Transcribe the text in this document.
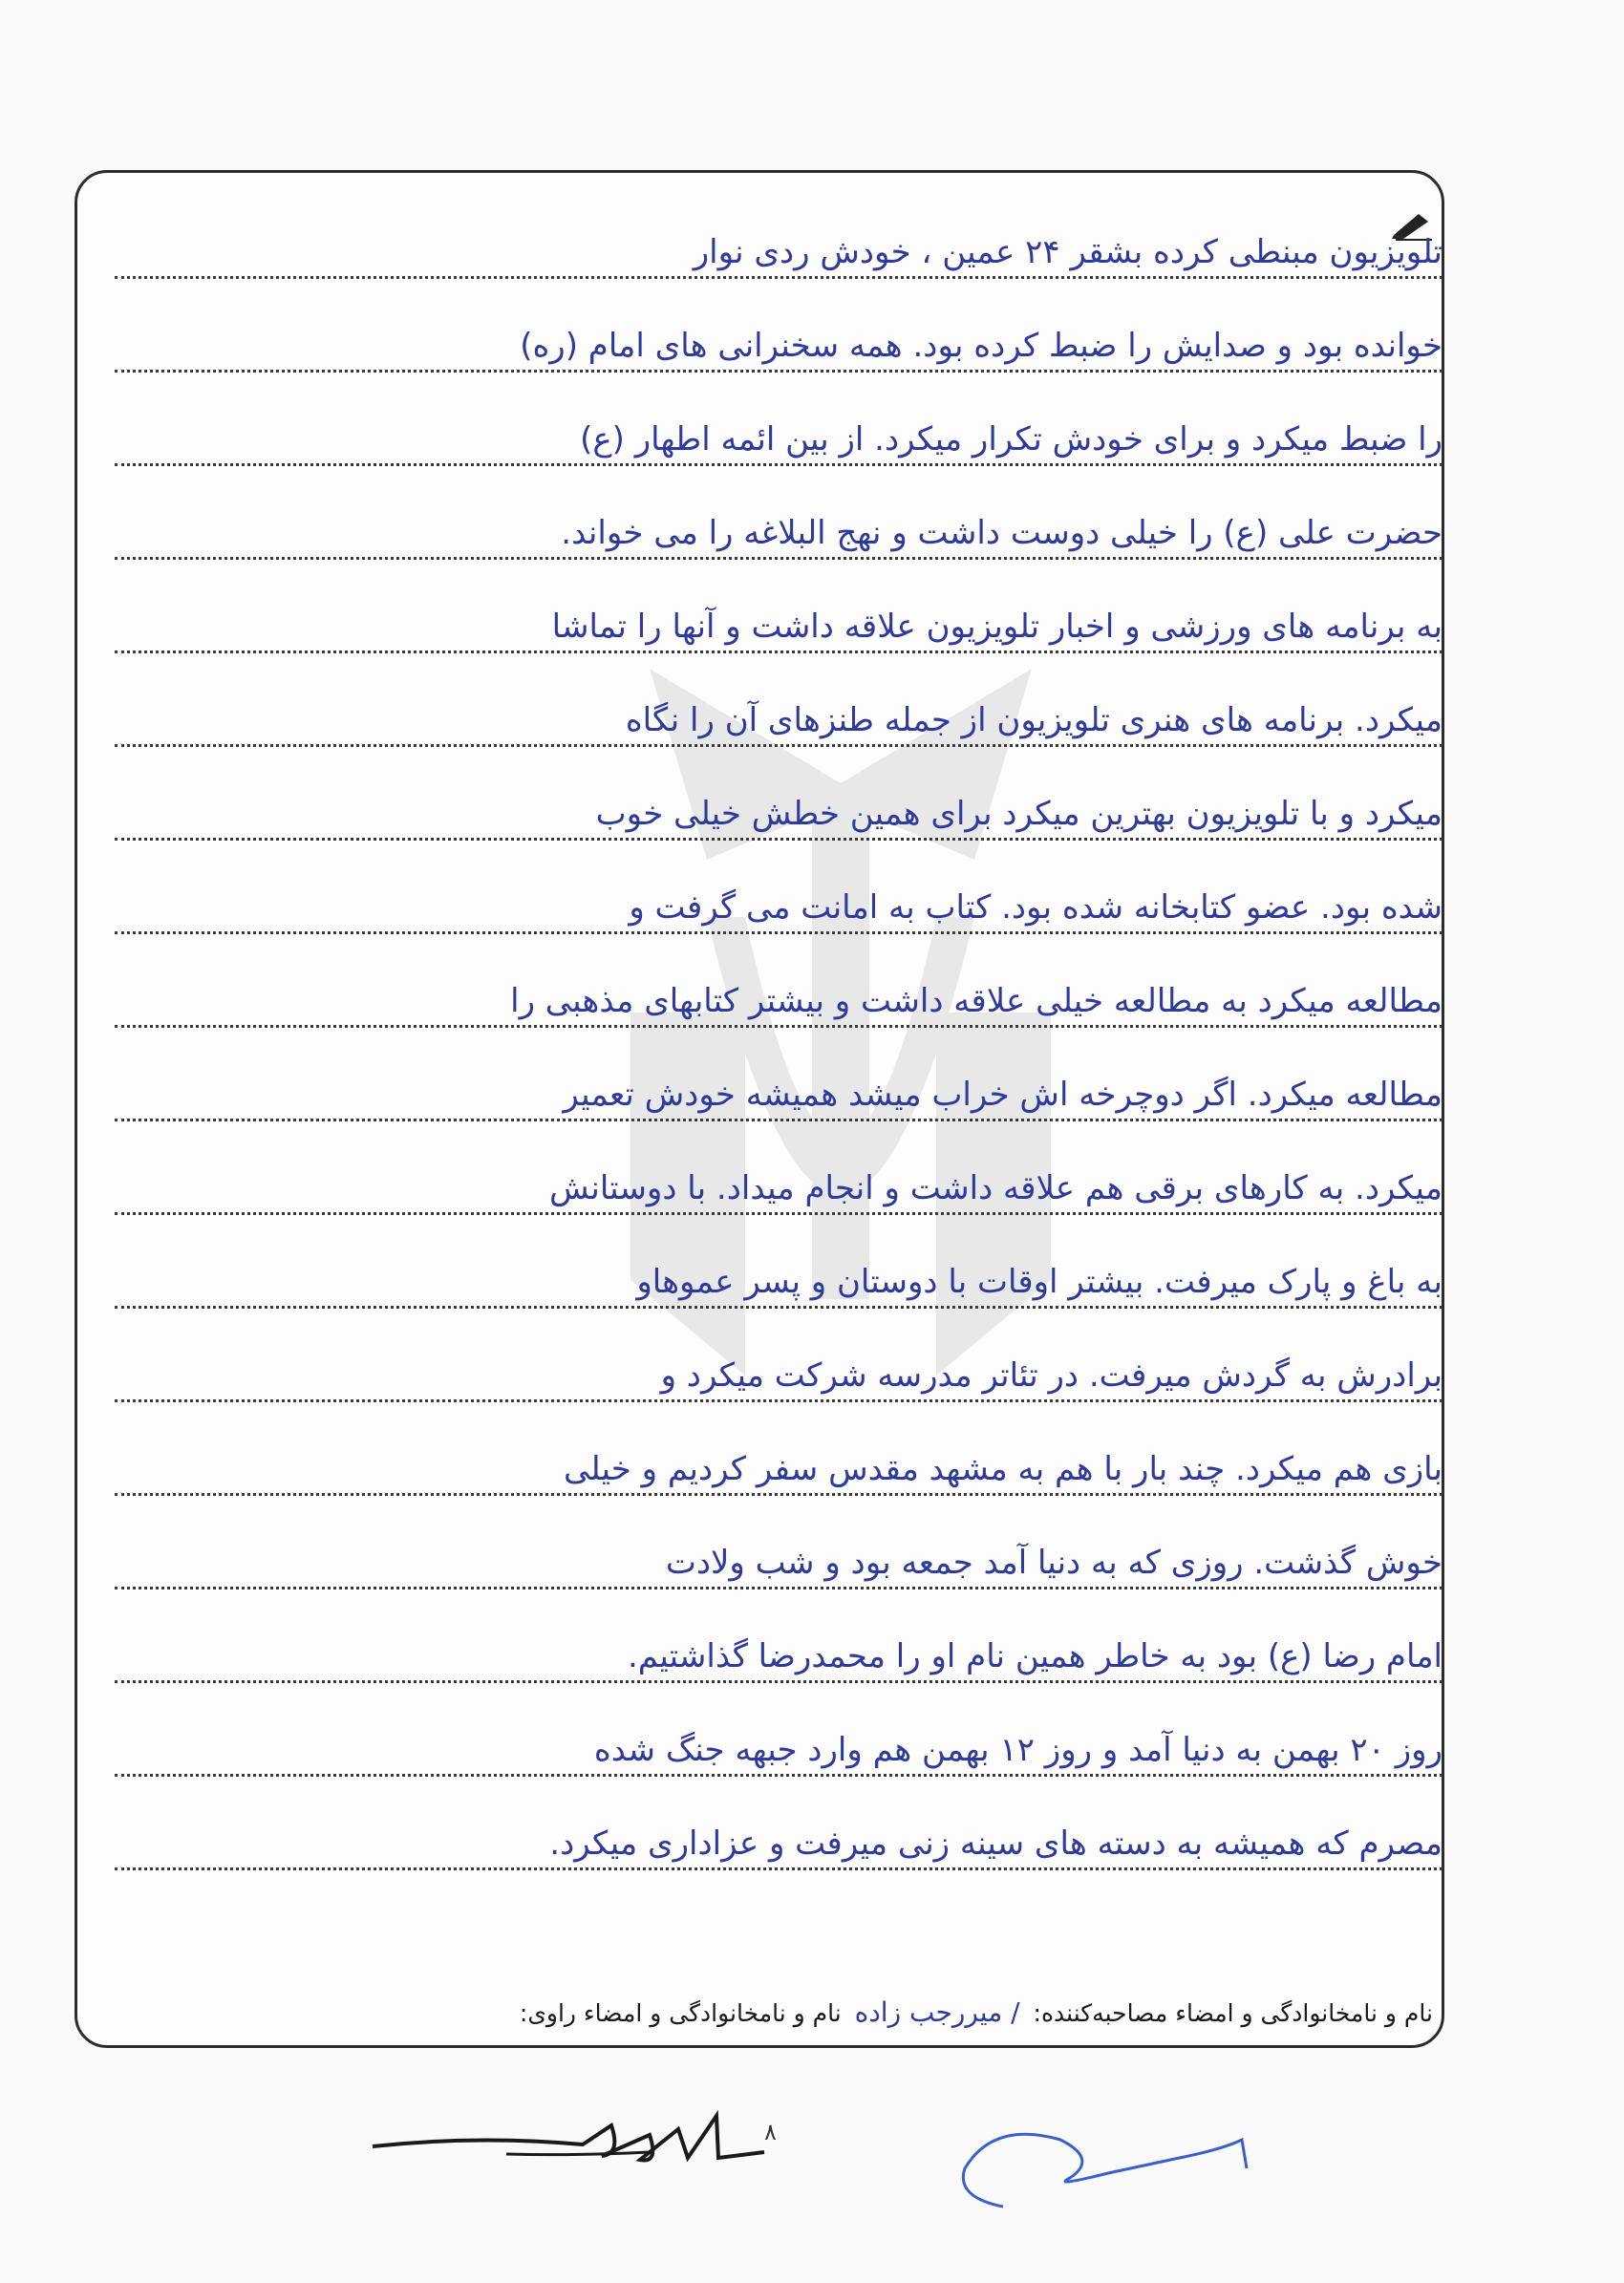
تلویزیون مبنطی کرده بشقر ۲۴ عمین ، خودش ردی نوار
خوانده بود و صدایش را ضبط کرده بود. همه سخنرانی های امام (ره)
را ضبط میکرد و برای خودش تکرار میکرد. از بین ائمه اطهار (ع)
حضرت علی (ع) را خیلی دوست داشت و نهج البلاغه را می خواند.
به برنامه های ورزشی و اخبار تلویزیون علاقه داشت و آنها را تماشا
میکرد. برنامه های هنری تلویزیون از جمله طنزهای آن را نگاه
میکرد و با تلویزیون بهترین میکرد برای همین خطش خیلی خوب
شده بود. عضو کتابخانه شده بود. کتاب به امانت می گرفت و
مطالعه میکرد به مطالعه خیلی علاقه داشت و بیشتر کتابهای مذهبی را
مطالعه میکرد. اگر دوچرخه اش خراب میشد همیشه خودش تعمیر
میکرد. به کارهای برقی هم علاقه داشت و انجام میداد. با دوستانش
به باغ و پارک میرفت. بیشتر اوقات با دوستان و پسر عموهاو
برادرش به گردش میرفت. در تئاتر مدرسه شرکت میکرد و
بازی هم میکرد. چند بار با هم به مشهد مقدس سفر کردیم و خیلی
خوش گذشت. روزی که به دنیا آمد جمعه بود و شب ولادت
امام رضا (ع) بود به خاطر همین نام او را محمدرضا گذاشتیم.
روز ۲۰ بهمن به دنیا آمد و روز ۱۲ بهمن هم وارد جبهه جنگ شده
مصرم که همیشه به دسته های سینه زنی میرفت و عزاداری میکرد.
نام و نامخانوادگی و امضاء مصاحبه‌کننده: / میررجب زاده نام و نامخانوادگی و امضاء راوی:
٨
